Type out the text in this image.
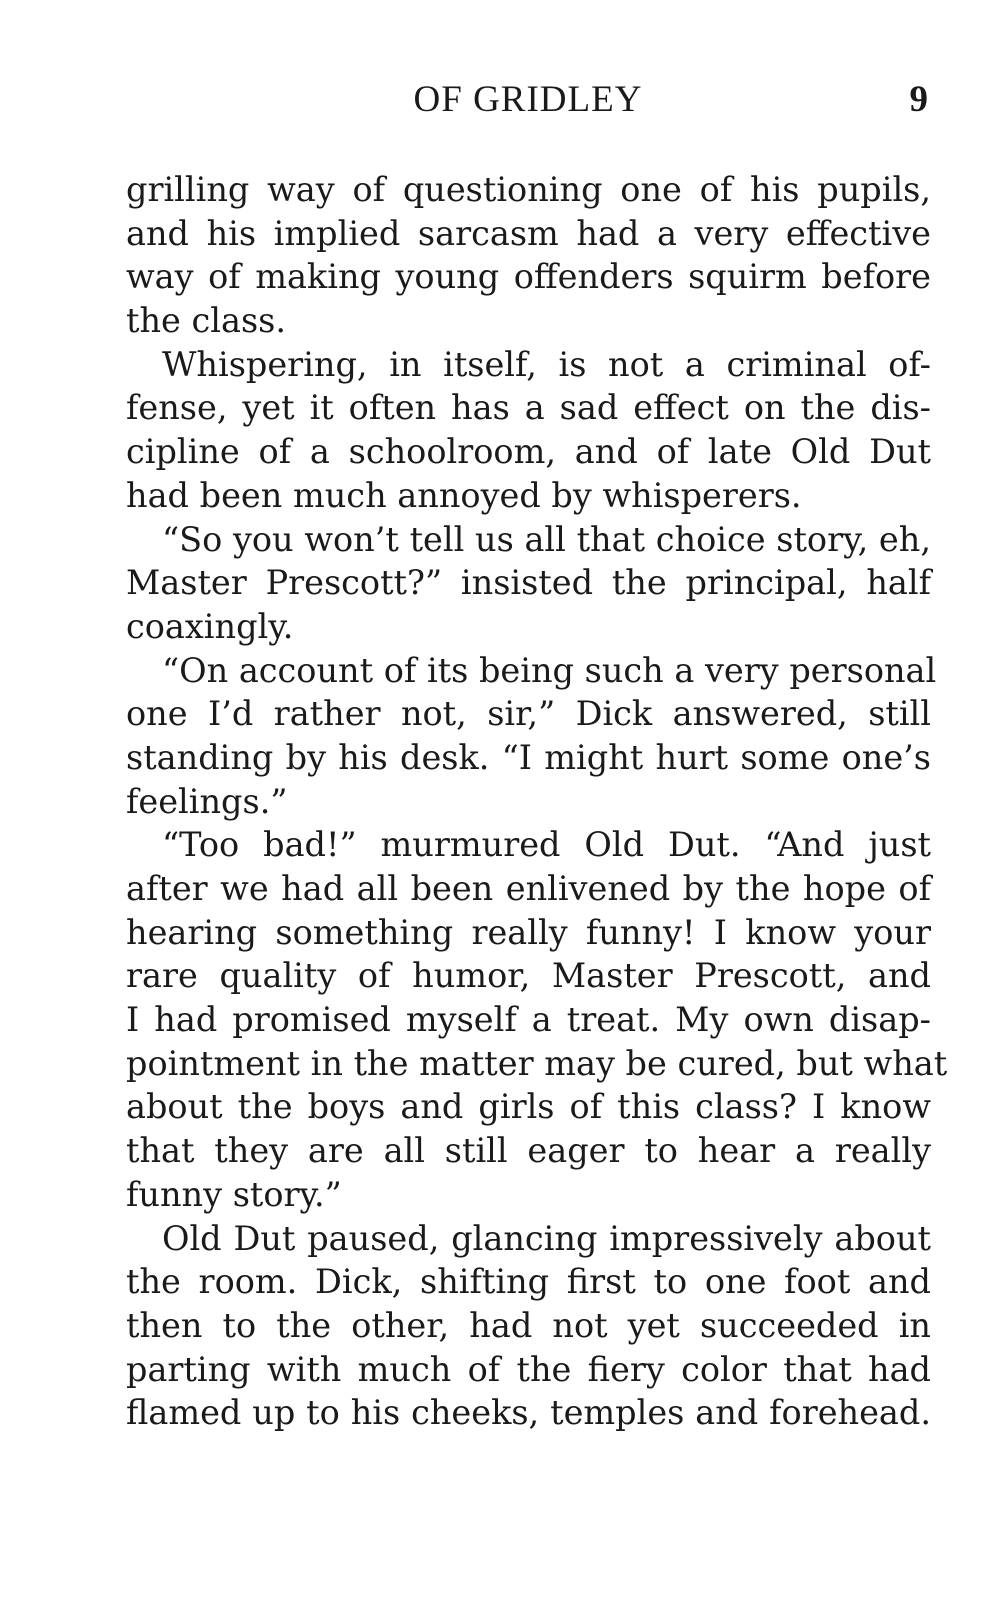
OF GRIDLEY	9
grilling way of questioning one of his pupils,
and his implied sarcasm had a very effective
way of making young offenders squirm before
the class.
Whispering, in itself, is not a criminal of-
fense, yet it often has a sad effect on the dis-
cipline of a schoolroom, and of late Old Dut
had been much annoyed by whisperers.
“So you won’t tell us all that choice story, eh,
Master Prescott?” insisted the principal, half
coaxingly.
“On account of its being such a very personal
one I’d rather not, sir,” Dick answered, still
standing by his desk. “I might hurt some one’s
feelings.”
“Too bad!” murmured Old Dut. “And just
after we had all been enlivened by the hope of
hearing something really funny! I know your
rare quality of humor, Master Prescott, and
I had promised myself a treat. My own disap-
pointment in the matter may be cured, but what
about the boys and girls of this class? I know
that they are all still eager to hear a really
funny story.”
Old Dut paused, glancing impressively about
the room. Dick, shifting first to one foot and
then to the other, had not yet succeeded in
parting with much of the fiery color that had
flamed up to his cheeks, temples and forehead.
